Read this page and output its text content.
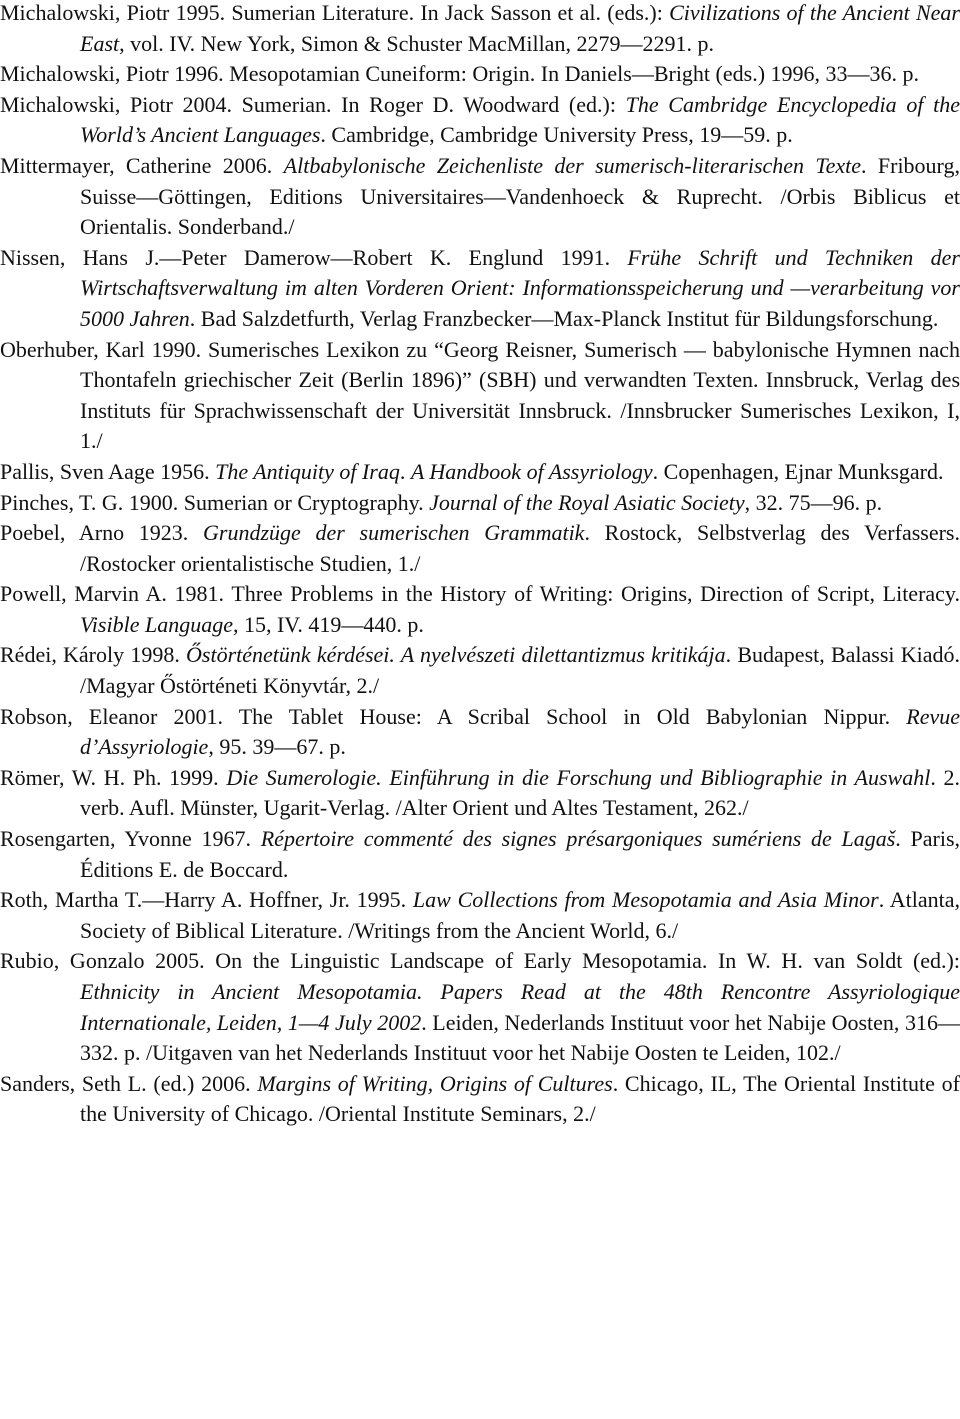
Michalowski, Piotr 1995. Sumerian Literature. In Jack Sasson et al. (eds.): Civilizations of the Ancient Near East, vol. IV. New York, Simon & Schuster MacMillan, 2279—2291. p.

Michalowski, Piotr 1996. Mesopotamian Cuneiform: Origin. In Daniels—Bright (eds.) 1996, 33—36. p.

Michalowski, Piotr 2004. Sumerian. In Roger D. Woodward (ed.): The Cambridge Encyclopedia of the World’s Ancient Languages. Cambridge, Cambridge University Press, 19—59. p.

Mittermayer, Catherine 2006. Altbabylonische Zeichenliste der sumerisch-literarischen Texte. Fribourg, Suisse—Göttingen, Editions Universitaires—Vandenhoeck & Ruprecht. /Orbis Biblicus et Orientalis. Sonderband./

Nissen, Hans J.—Peter Damerow—Robert K. Englund 1991. Frühe Schrift und Techniken der Wirtschaftsverwaltung im alten Vorderen Orient: Informationsspeicherung und —verarbeitung vor 5000 Jahren. Bad Salzdetfurth, Verlag Franzbecker—Max-Planck Institut für Bildungsforschung.

Oberhuber, Karl 1990. Sumerisches Lexikon zu “Georg Reisner, Sumerisch — babylonische Hymnen nach Thontafeln griechischer Zeit (Berlin 1896)” (SBH) und verwandten Texten. Innsbruck, Verlag des Instituts für Sprachwissenschaft der Universität Innsbruck. /Innsbrucker Sumerisches Lexikon, I, 1./

Pallis, Sven Aage 1956. The Antiquity of Iraq. A Handbook of Assyriology. Copenhagen, Ejnar Munksgard.

Pinches, T. G. 1900. Sumerian or Cryptography. Journal of the Royal Asiatic Society, 32. 75—96. p.

Poebel, Arno 1923. Grundzüge der sumerischen Grammatik. Rostock, Selbstverlag des Verfassers. /Rostocker orientalistische Studien, 1./

Powell, Marvin A. 1981. Three Problems in the History of Writing: Origins, Direction of Script, Literacy. Visible Language, 15, IV. 419—440. p.

Rédei, Károly 1998. Őstörténetünk kérdései. A nyelvészeti dilettantizmus kritikája. Budapest, Balassi Kiadó. /Magyar Őstörténeti Könyvtár, 2./

Robson, Eleanor 2001. The Tablet House: A Scribal School in Old Babylonian Nippur. Revue d’Assyriologie, 95. 39—67. p.

Römer, W. H. Ph. 1999. Die Sumerologie. Einführung in die Forschung und Bibliographie in Auswahl. 2. verb. Aufl. Münster, Ugarit-Verlag. /Alter Orient und Altes Testament, 262./

Rosengarten, Yvonne 1967. Répertoire commenté des signes présargoniques sumériens de Lagaš. Paris, Éditions E. de Boccard.

Roth, Martha T.—Harry A. Hoffner, Jr. 1995. Law Collections from Mesopotamia and Asia Minor. Atlanta, Society of Biblical Literature. /Writings from the Ancient World, 6./

Rubio, Gonzalo 2005. On the Linguistic Landscape of Early Mesopotamia. In W. H. van Soldt (ed.): Ethnicity in Ancient Mesopotamia. Papers Read at the 48th Rencontre Assyriologique Internationale, Leiden, 1—4 July 2002. Leiden, Nederlands Instituut voor het Nabije Oosten, 316—332. p. /Uitgaven van het Nederlands Instituut voor het Nabije Oosten te Leiden, 102./

Sanders, Seth L. (ed.) 2006. Margins of Writing, Origins of Cultures. Chicago, IL, The Oriental Institute of the University of Chicago. /Oriental Institute Seminars, 2./
